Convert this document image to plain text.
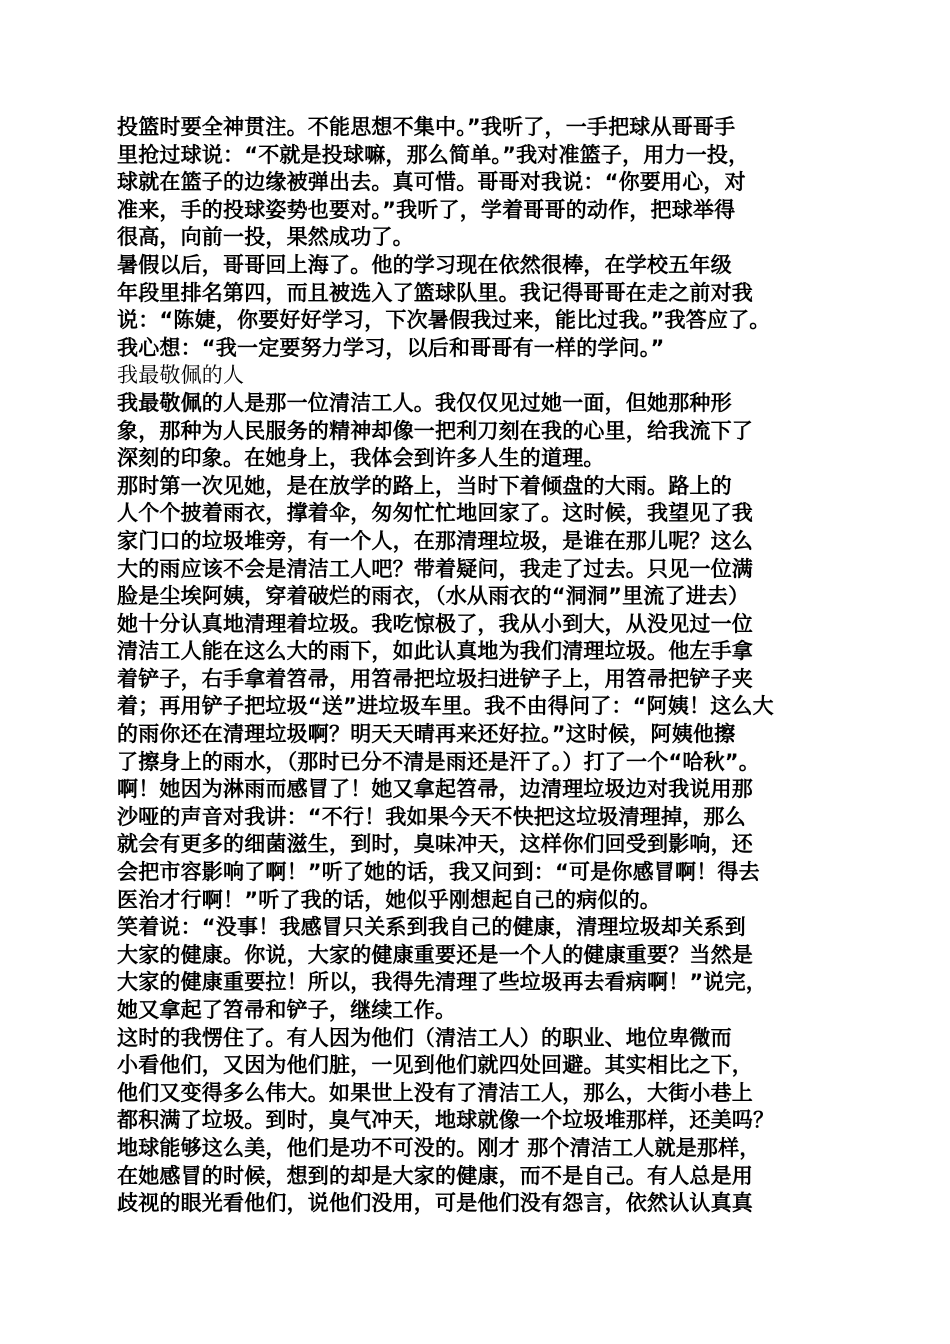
投篮时要全神贯注。不能思想不集中。”我听了，一手把球从哥哥手
里抢过球说：“不就是投球嘛，那么简单。”我对准篮子，用力一投，
球就在篮子的边缘被弹出去。真可惜。哥哥对我说：“你要用心，对
准来，手的投球姿势也要对。”我听了，学着哥哥的动作，把球举得
很高，向前一投，果然成功了。
暑假以后，哥哥回上海了。他的学习现在依然很棒，在学校五年级
年段里排名第四，而且被选入了篮球队里。我记得哥哥在走之前对我
说：“陈婕，你要好好学习，下次暑假我过来，能比过我。”我答应了。
我心想：“我一定要努力学习，以后和哥哥有一样的学问。”
我最敬佩的人
我最敬佩的人是那一位清洁工人。我仅仅见过她一面，但她那种形
象，那种为人民服务的精神却像一把利刀刻在我的心里，给我流下了
深刻的印象。在她身上，我体会到许多人生的道理。
那时第一次见她，是在放学的路上，当时下着倾盘的大雨。路上的
人个个披着雨衣，撑着伞，匆匆忙忙地回家了。这时候，我望见了我
家门口的垃圾堆旁，有一个人，在那清理垃圾，是谁在那儿呢？这么
大的雨应该不会是清洁工人吧？带着疑问，我走了过去。只见一位满
脸是尘埃阿姨，穿着破烂的雨衣，（水从雨衣的“洞洞”里流了进去）
她十分认真地清理着垃圾。我吃惊极了，我从小到大，从没见过一位
清洁工人能在这么大的雨下，如此认真地为我们清理垃圾。他左手拿
着铲子，右手拿着笤帚，用笤帚把垃圾扫进铲子上，用笤帚把铲子夹
着；再用铲子把垃圾“送”进垃圾车里。我不由得问了：“阿姨！这么大
的雨你还在清理垃圾啊？明天天晴再来还好拉。”这时候，阿姨他擦
了擦身上的雨水，（那时已分不清是雨还是汗了。）打了一个“哈秋”。
啊！她因为淋雨而感冒了！她又拿起笤帚，边清理垃圾边对我说用那
沙哑的声音对我讲：“不行！我如果今天不快把这垃圾清理掉，那么
就会有更多的细菌滋生，到时，臭味冲天，这样你们回受到影响，还
会把市容影响了啊！”听了她的话，我又问到：“可是你感冒啊！得去
医治才行啊！”听了我的话，她似乎刚想起自己的病似的。
笑着说：“没事！我感冒只关系到我自己的健康，清理垃圾却关系到
大家的健康。你说，大家的健康重要还是一个人的健康重要？当然是
大家的健康重要拉！所以，我得先清理了些垃圾再去看病啊！”说完，
她又拿起了笤帚和铲子，继续工作。
这时的我愣住了。有人因为他们（清洁工人）的职业、地位卑微而
小看他们，又因为他们脏，一见到他们就四处回避。其实相比之下，
他们又变得多么伟大。如果世上没有了清洁工人，那么，大街小巷上
都积满了垃圾。到时，臭气冲天，地球就像一个垃圾堆那样，还美吗？
地球能够这么美，他们是功不可没的。刚才 那个清洁工人就是那样，
在她感冒的时候，想到的却是大家的健康，而不是自己。有人总是用
歧视的眼光看他们，说他们没用，可是他们没有怨言，依然认认真真
